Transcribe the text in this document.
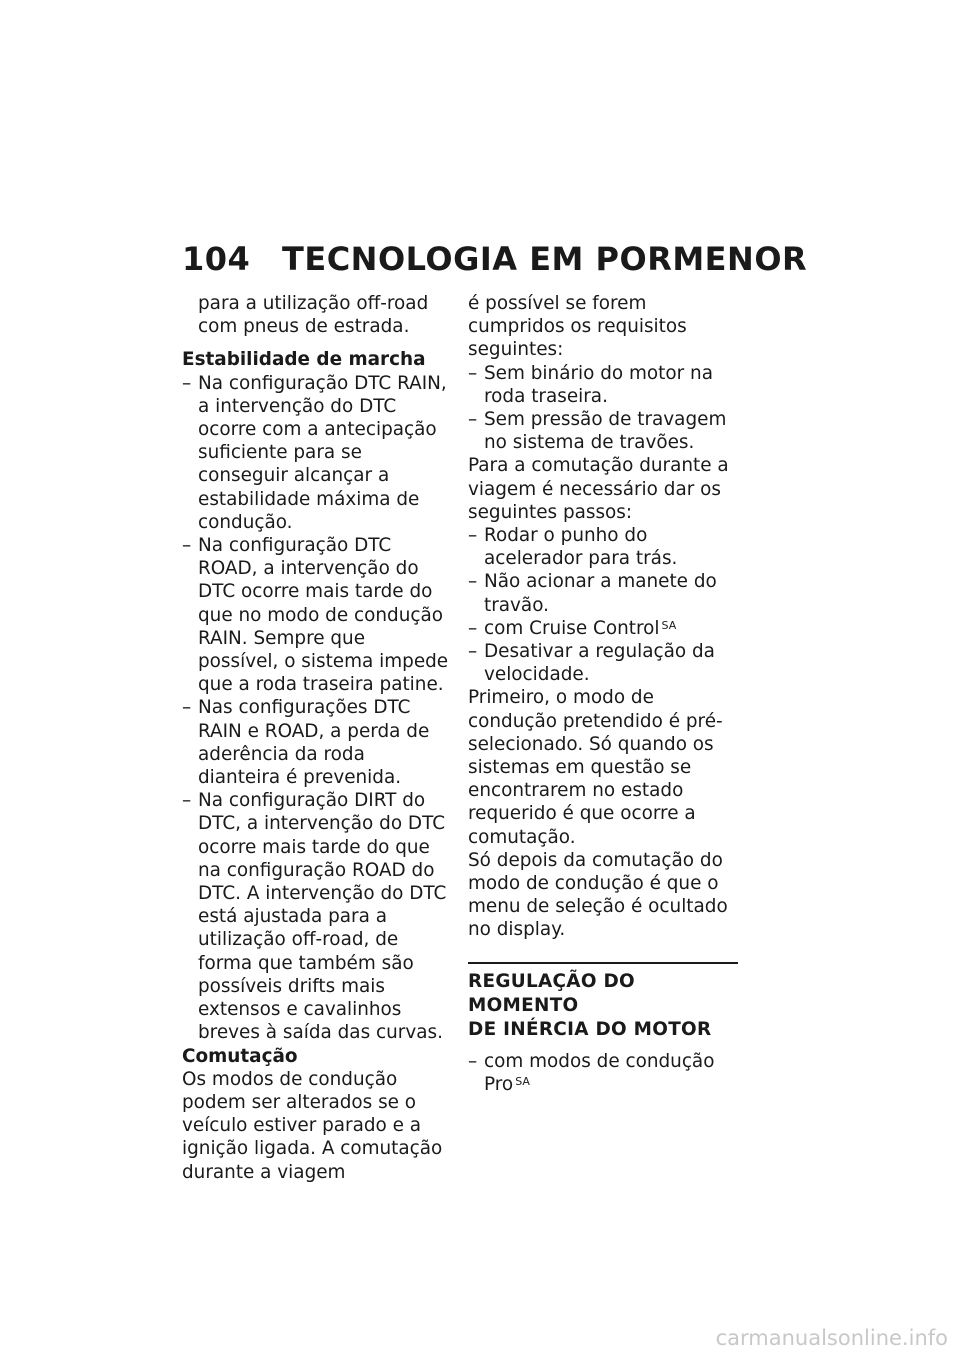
104 TECNOLOGIA EM PORMENOR

para a utilização off-road com pneus de estrada.

Estabilidade de marcha

– Na configuração DTC RAIN, a intervenção do DTC ocorre com a antecipação suficiente para se conseguir alcançar a estabilidade máxima de condução.
– Na configuração DTC ROAD, a intervenção do DTC ocorre mais tarde do que no modo de condução RAIN. Sempre que possível, o sistema impede que a roda traseira patine.
– Nas configurações DTC RAIN e ROAD, a perda de aderência da roda dianteira é prevenida.
– Na configuração DIRT do DTC, a intervenção do DTC ocorre mais tarde do que na configuração ROAD do DTC. A intervenção do DTC está ajustada para a utilização off-road, de forma que também são possíveis drifts mais extensos e cavalinhos breves à saída das curvas.

Comutação

Os modos de condução podem ser alterados se o veículo estiver parado e a ignição ligada. A comutação durante a viagem

é possível se forem cumpridos os requisitos seguintes:

– Sem binário do motor na roda traseira.
– Sem pressão de travagem no sistema de travões.

Para a comutação durante a viagem é necessário dar os seguintes passos:

– Rodar o punho do acelerador para trás.
– Não acionar a manete do travão.
– com Cruise Control $^{SA}$
– Desativar a regulação da velocidade.

Primeiro, o modo de condução pretendido é pré-selecionado. Só quando os sistemas em questão se encontrarem no estado requerido é que ocorre a comutação.

Só depois da comutação do modo de condução é que o menu de seleção é ocultado no display.

REGULAÇÃO DO MOMENTO
DE INÉRCIA DO MOTOR
– com modos de condução Pro $^{SA}$
carmanualsonline.info
